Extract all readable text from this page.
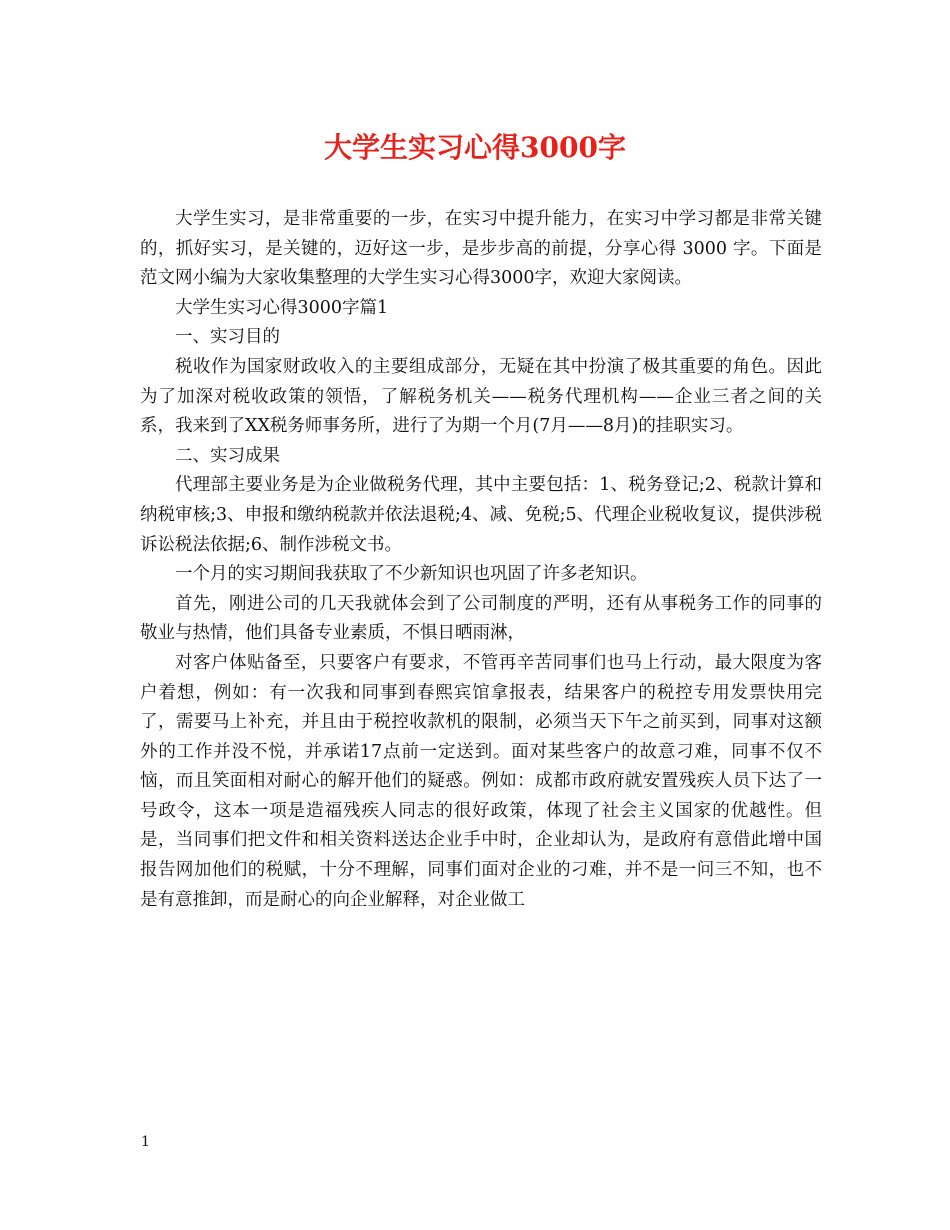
大学生实习心得3000字

大学生实习，是非常重要的一步，在实习中提升能力，在实习中学习都是非常关键的，抓好实习，是关键的，迈好这一步，是步步高的前提，分享心得 3000 字。下面是范文网小编为大家收集整理的大学生实习心得3000字，欢迎大家阅读。

大学生实习心得3000字篇1

一、实习目的

税收作为国家财政收入的主要组成部分，无疑在其中扮演了极其重要的角色。因此为了加深对税收政策的领悟，了解税务机关——税务代理机构——企业三者之间的关系，我来到了XX税务师事务所，进行了为期一个月(7月——8月)的挂职实习。

二、实习成果

代理部主要业务是为企业做税务代理，其中主要包括：1、税务登记;2、税款计算和纳税审核;3、申报和缴纳税款并依法退税;4、减、免税;5、代理企业税收复议，提供涉税诉讼税法依据;6、制作涉税文书。

一个月的实习期间我获取了不少新知识也巩固了许多老知识。

首先，刚进公司的几天我就体会到了公司制度的严明，还有从事税务工作的同事的敬业与热情，他们具备专业素质，不惧日晒雨淋，

对客户体贴备至，只要客户有要求，不管再辛苦同事们也马上行动，最大限度为客户着想，例如：有一次我和同事到春熙宾馆拿报表，结果客户的税控专用发票快用完了，需要马上补充，并且由于税控收款机的限制，必须当天下午之前买到，同事对这额外的工作并没不悦，并承诺17点前一定送到。面对某些客户的故意刁难，同事不仅不恼，而且笑面相对耐心的解开他们的疑惑。例如：成都市政府就安置残疾人员下达了一号政令，这本一项是造福残疾人同志的很好政策，体现了社会主义国家的优越性。但是，当同事们把文件和相关资料送达企业手中时，企业却认为，是政府有意借此增中国报告网加他们的税赋，十分不理解，同事们面对企业的刁难，并不是一问三不知，也不是有意推卸，而是耐心的向企业解释，对企业做工

1
